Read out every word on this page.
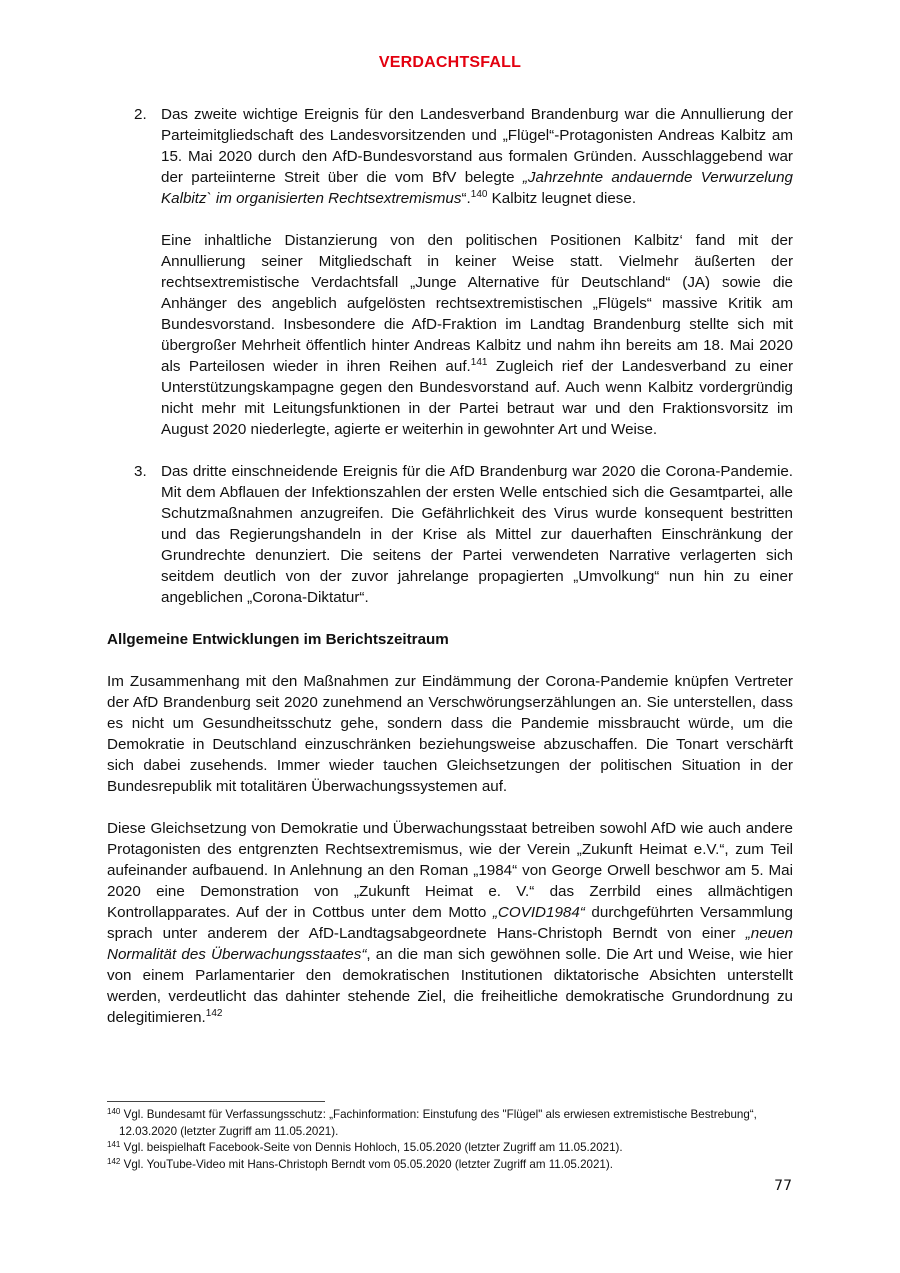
VERDACHTSFALL
2. Das zweite wichtige Ereignis für den Landesverband Brandenburg war die Annullierung der Parteimitgliedschaft des Landesvorsitzenden und „Flügel“-Protagonisten Andreas Kalbitz am 15. Mai 2020 durch den AfD-Bundesvorstand aus formalen Gründen. Ausschlaggebend war der parteiinterne Streit über die vom BfV belegte „Jahrzehnte andauernde Verwurzelung Kalbitz` im organisierten Rechtsextremismus“.$^{140}$ Kalbitz leugnet diese.

Eine inhaltliche Distanzierung von den politischen Positionen Kalbitz‘ fand mit der Annullierung seiner Mitgliedschaft in keiner Weise statt. Vielmehr äußerten der rechtsextremistische Verdachtsfall „Junge Alternative für Deutschland“ (JA) sowie die Anhänger des angeblich aufgelösten rechtsextremistischen „Flügels“ massive Kritik am Bundesvorstand. Insbesondere die AfD-Fraktion im Landtag Brandenburg stellte sich mit übergroßer Mehrheit öffentlich hinter Andreas Kalbitz und nahm ihn bereits am 18. Mai 2020 als Parteilosen wieder in ihren Reihen auf.$^{141}$ Zugleich rief der Landesverband zu einer Unterstützungskampagne gegen den Bundesvorstand auf. Auch wenn Kalbitz vordergründig nicht mehr mit Leitungsfunktionen in der Partei betraut war und den Fraktionsvorsitz im August 2020 niederlegte, agierte er weiterhin in gewohnter Art und Weise.

3. Das dritte einschneidende Ereignis für die AfD Brandenburg war 2020 die Corona-Pandemie. Mit dem Abflauen der Infektionszahlen der ersten Welle entschied sich die Gesamtpartei, alle Schutzmaßnahmen anzugreifen. Die Gefährlichkeit des Virus wurde konsequent bestritten und das Regierungshandeln in der Krise als Mittel zur dauerhaften Einschränkung der Grundrechte denunziert. Die seitens der Partei verwendeten Narrative verlagerten sich seitdem deutlich von der zuvor jahrelange propagierten „Umvolkung“ nun hin zu einer angeblichen „Corona-Diktatur“.

Allgemeine Entwicklungen im Berichtszeitraum

Im Zusammenhang mit den Maßnahmen zur Eindämmung der Corona-Pandemie knüpfen Vertreter der AfD Brandenburg seit 2020 zunehmend an Verschwörungserzählungen an. Sie unterstellen, dass es nicht um Gesundheitsschutz gehe, sondern dass die Pandemie missbraucht würde, um die Demokratie in Deutschland einzuschränken beziehungsweise abzuschaffen. Die Tonart verschärft sich dabei zusehends. Immer wieder tauchen Gleichsetzungen der politischen Situation in der Bundesrepublik mit totalitären Überwachungssystemen auf.

Diese Gleichsetzung von Demokratie und Überwachungsstaat betreiben sowohl AfD wie auch andere Protagonisten des entgrenzten Rechtsextremismus, wie der Verein „Zukunft Heimat e.V.“, zum Teil aufeinander aufbauend. In Anlehnung an den Roman „1984“ von George Orwell beschwor am 5. Mai 2020 eine Demonstration von „Zukunft Heimat e. V.“ das Zerrbild eines allmächtigen Kontrollapparates. Auf der in Cottbus unter dem Motto „COVID1984“ durchgeführten Versammlung sprach unter anderem der AfD-Landtagsabgeordnete Hans-Christoph Berndt von einer „neuen Normalität des Überwachungsstaates“, an die man sich gewöhnen solle. Die Art und Weise, wie hier von einem Parlamentarier den demokratischen Institutionen diktatorische Absichten unterstellt werden, verdeutlicht das dahinter stehende Ziel, die freiheitliche demokratische Grundordnung zu delegitimieren.$^{142}$

$^{140}$ Vgl. Bundesamt für Verfassungsschutz: „Fachinformation: Einstufung des "Flügel" als erwiesen extremistische Bestrebung“, 12.03.2020 (letzter Zugriff am 11.05.2021).
$^{141}$ Vgl. beispielhaft Facebook-Seite von Dennis Hohloch, 15.05.2020 (letzter Zugriff am 11.05.2021).
$^{142}$ Vgl. YouTube-Video mit Hans-Christoph Berndt vom 05.05.2020 (letzter Zugriff am 11.05.2021).
77
